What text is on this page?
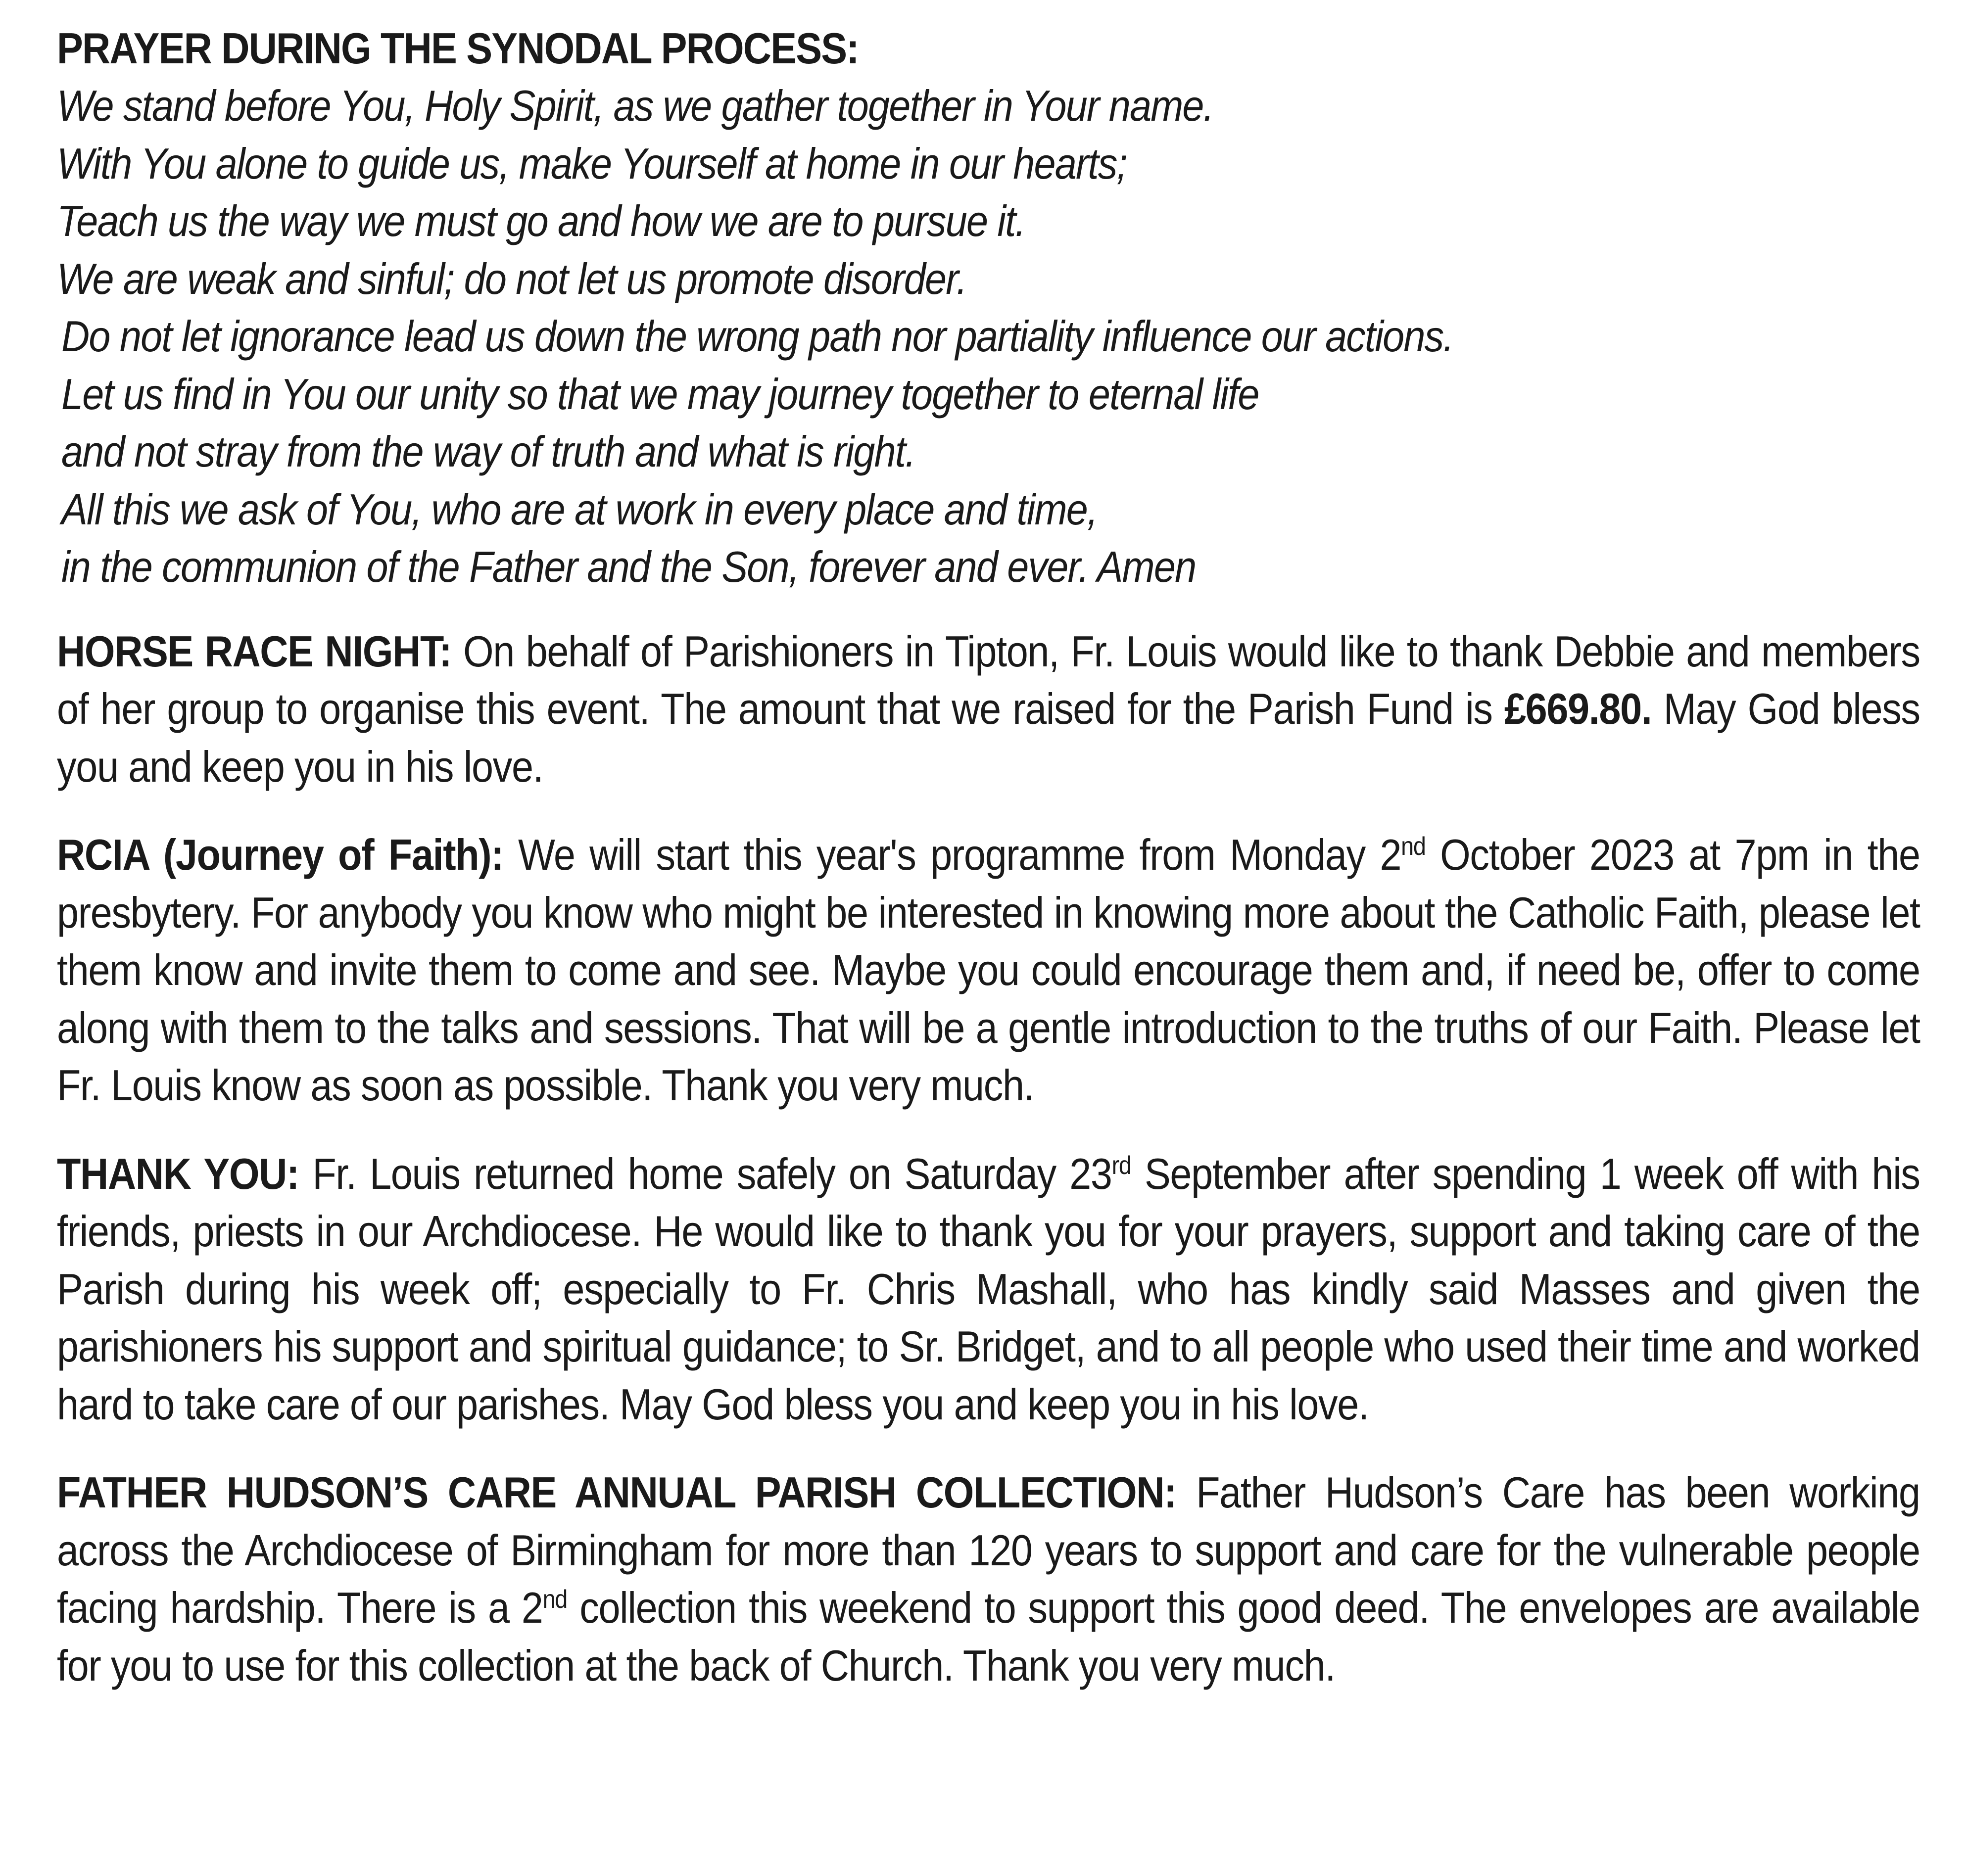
PRAYER DURING THE SYNODAL PROCESS:
We stand before You, Holy Spirit, as we gather together in Your name.
With You alone to guide us, make Yourself at home in our hearts;
Teach us the way we must go and how we are to pursue it.
We are weak and sinful; do not let us promote disorder.
Do not let ignorance lead us down the wrong path nor partiality influence our actions.
Let us find in You our unity so that we may journey together to eternal life
and not stray from the way of truth and what is right.
All this we ask of You, who are at work in every place and time,
in the communion of the Father and the Son, forever and ever. Amen

HORSE RACE NIGHT: On behalf of Parishioners in Tipton, Fr. Louis would like to thank Debbie and members of her group to organise this event. The amount that we raised for the Parish Fund is £669.80. May God bless you and keep you in his love.

RCIA (Journey of Faith): We will start this year's programme from Monday 2nd October 2023 at 7pm in the presbytery. For anybody you know who might be interested in knowing more about the Catholic Faith, please let them know and invite them to come and see. Maybe you could encourage them and, if need be, offer to come along with them to the talks and sessions. That will be a gentle introduction to the truths of our Faith. Please let Fr. Louis know as soon as possible. Thank you very much.

THANK YOU: Fr. Louis returned home safely on Saturday 23rd September after spending 1 week off with his friends, priests in our Archdiocese. He would like to thank you for your prayers, support and taking care of the Parish during his week off; especially to Fr. Chris Mashall, who has kindly said Masses and given the parishioners his support and spiritual guidance; to Sr. Bridget, and to all people who used their time and worked hard to take care of our parishes. May God bless you and keep you in his love.

FATHER HUDSON’S CARE ANNUAL PARISH COLLECTION: Father Hudson’s Care has been working across the Archdiocese of Birmingham for more than 120 years to support and care for the vulnerable people facing hardship. There is a 2nd collection this weekend to support this good deed. The envelopes are available for you to use for this collection at the back of Church. Thank you very much.
